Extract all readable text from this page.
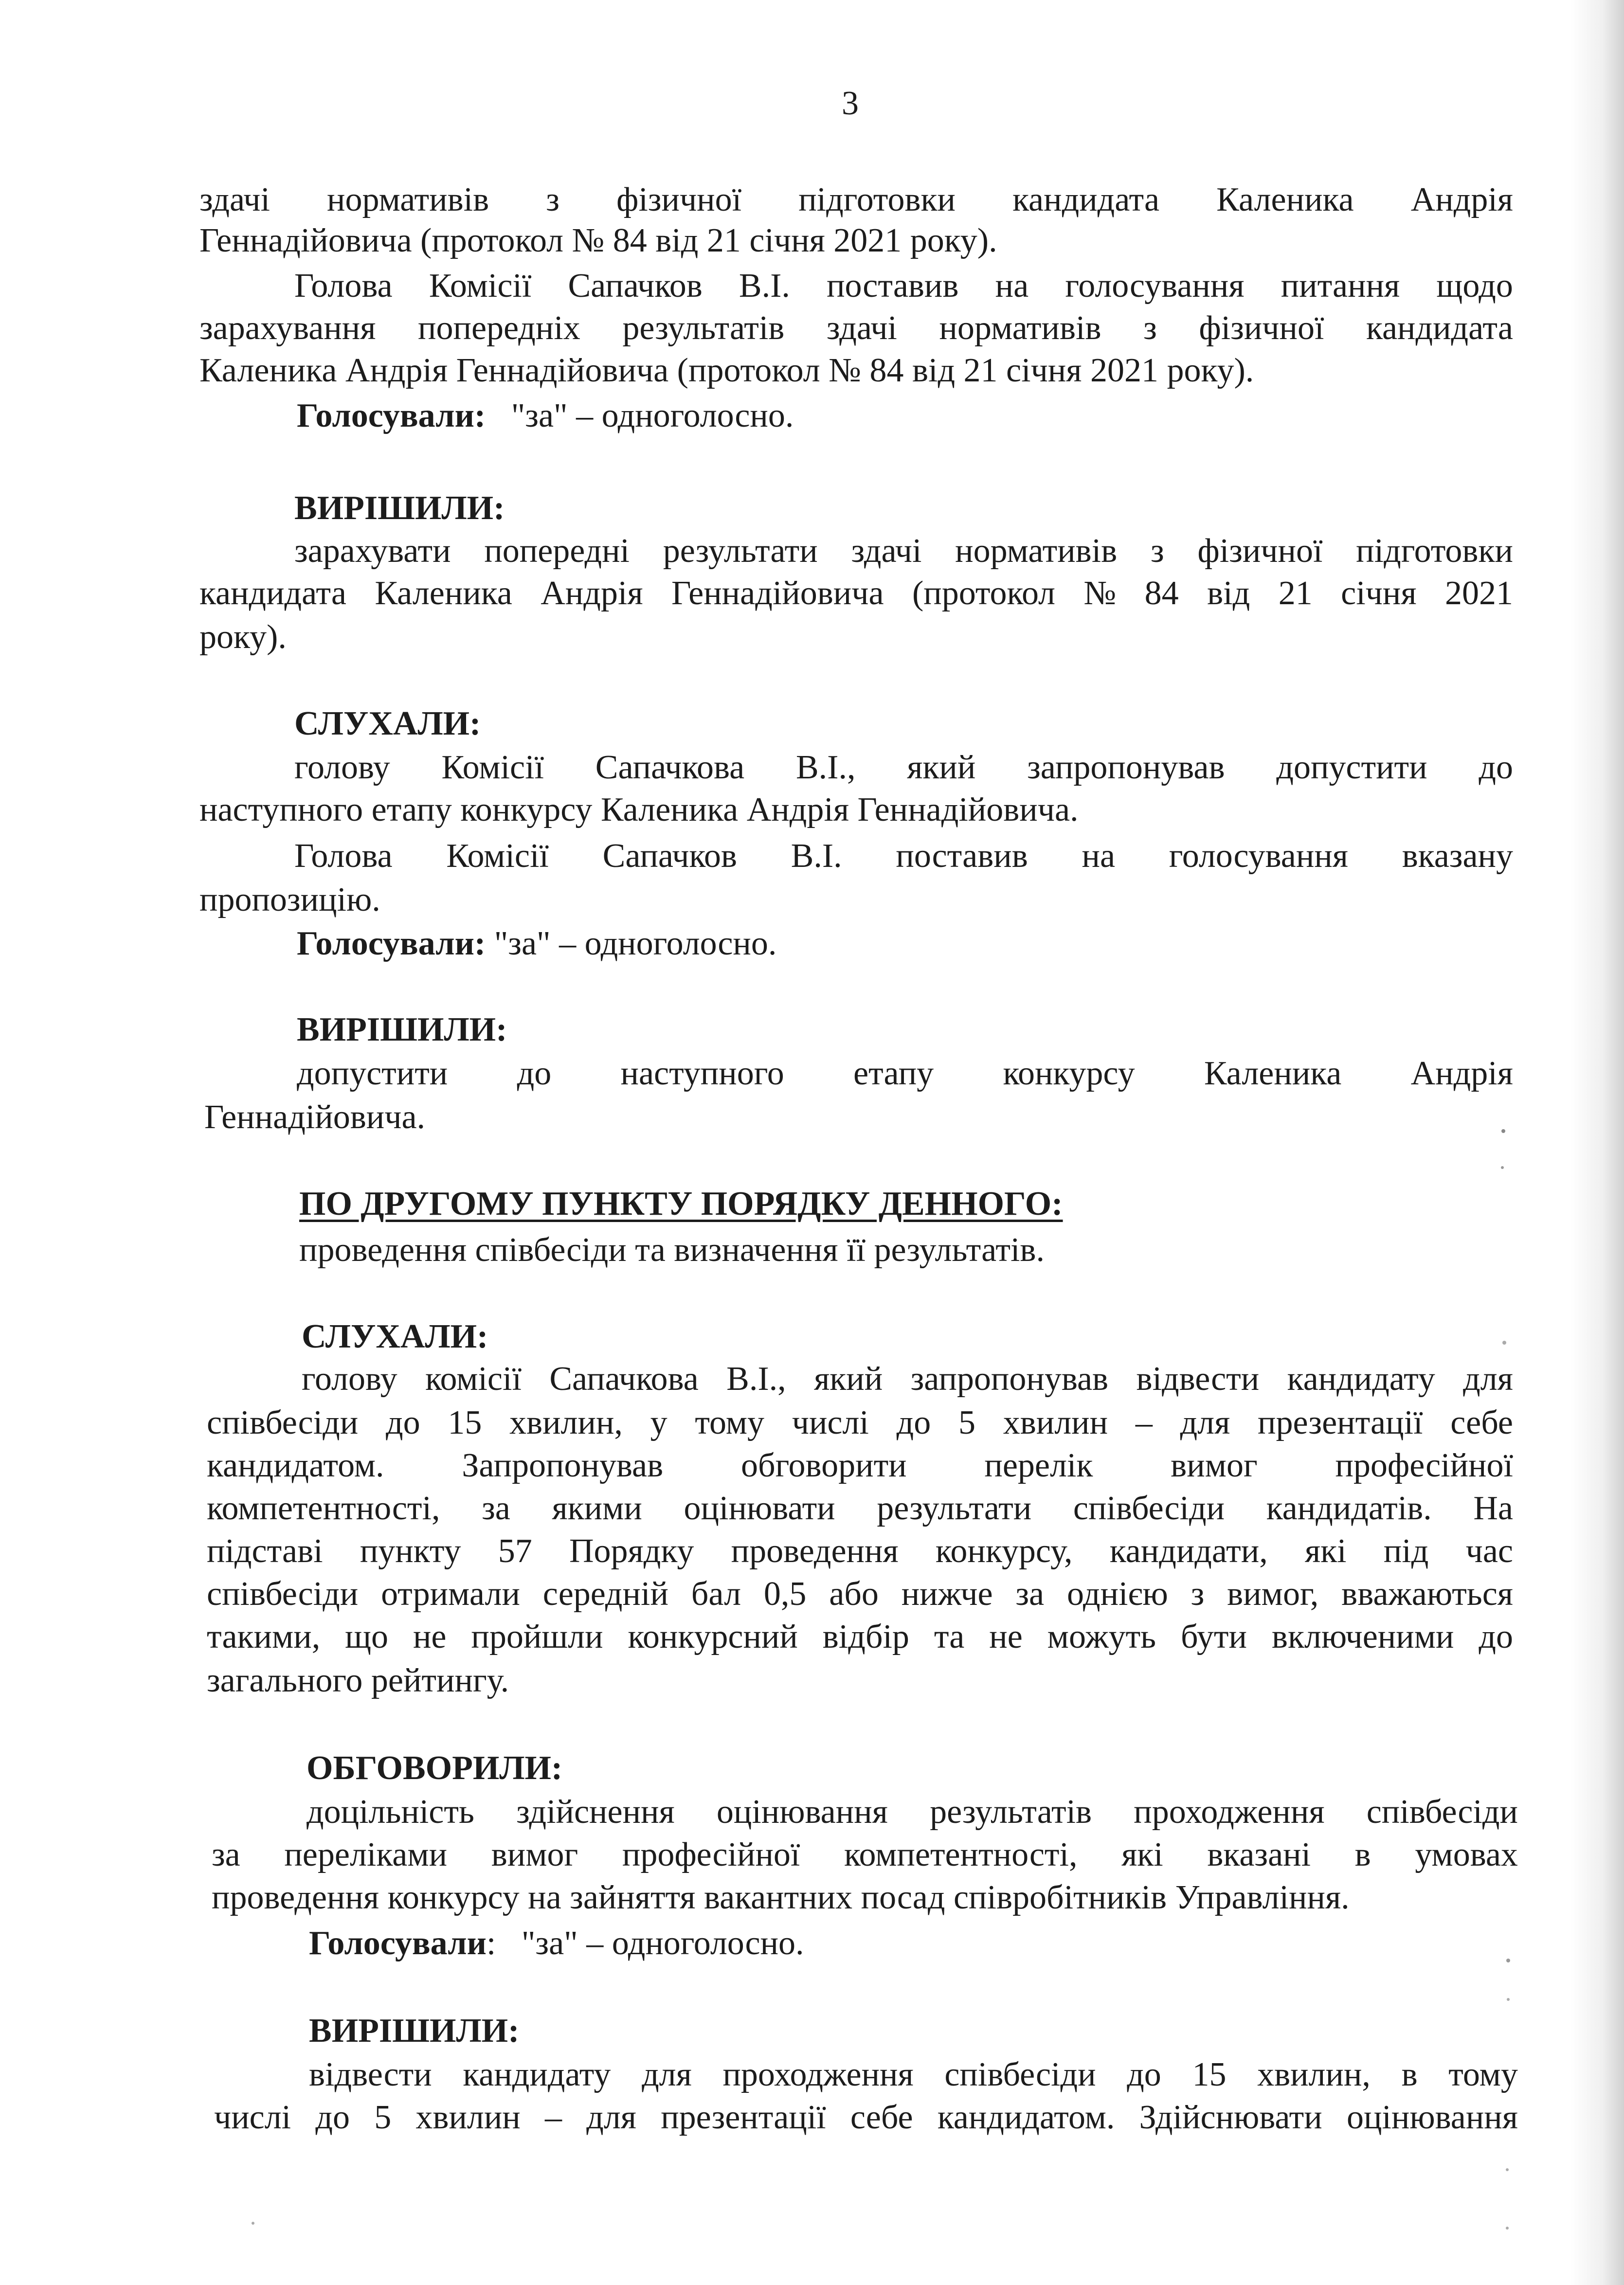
3
здачі нормативів з фізичної підготовки кандидата Каленика Андрія
Геннадійовича (протокол № 84 від 21 січня 2021 року).
Голова Комісії Сапачков В.І. поставив на голосування питання щодо
зарахування попередніх результатів здачі нормативів з фізичної кандидата
Каленика Андрія Геннадійовича (протокол № 84 від 21 січня 2021 року).
Голосували: "за" – одноголосно.
ВИРІШИЛИ:
зарахувати попередні результати здачі нормативів з фізичної підготовки
кандидата Каленика Андрія Геннадійовича (протокол № 84 від 21 січня 2021
року).
СЛУХАЛИ:
голову Комісії Сапачкова В.І., який запропонував допустити до
наступного етапу конкурсу Каленика Андрія Геннадійовича.
Голова Комісії Сапачков В.І. поставив на голосування вказану
пропозицію.
Голосували: "за" – одноголосно.
ВИРІШИЛИ:
допустити до наступного етапу конкурсу Каленика Андрія
Геннадійовича.
ПО ДРУГОМУ ПУНКТУ ПОРЯДКУ ДЕННОГО:
проведення співбесіди та визначення її результатів.
СЛУХАЛИ:
голову комісії Сапачкова В.І., який запропонував відвести кандидату для
співбесіди до 15 хвилин, у тому числі до 5 хвилин – для презентації себе
кандидатом. Запропонував обговорити перелік вимог професійної
компетентності, за якими оцінювати результати співбесіди кандидатів. На
підставі пункту 57 Порядку проведення конкурсу, кандидати, які під час
співбесіди отримали середній бал 0,5 або нижче за однією з вимог, вважаються
такими, що не пройшли конкурсний відбір та не можуть бути включеними до
загального рейтингу.
ОБГОВОРИЛИ:
доцільність здійснення оцінювання результатів проходження співбесіди
за переліками вимог професійної компетентності, які вказані в умовах
проведення конкурсу на зайняття вакантних посад співробітників Управління.
Голосували:   "за" – одноголосно.
ВИРІШИЛИ:
відвести кандидату для проходження співбесіди до 15 хвилин, в тому
числі до 5 хвилин – для презентації себе кандидатом. Здійснювати оцінювання
